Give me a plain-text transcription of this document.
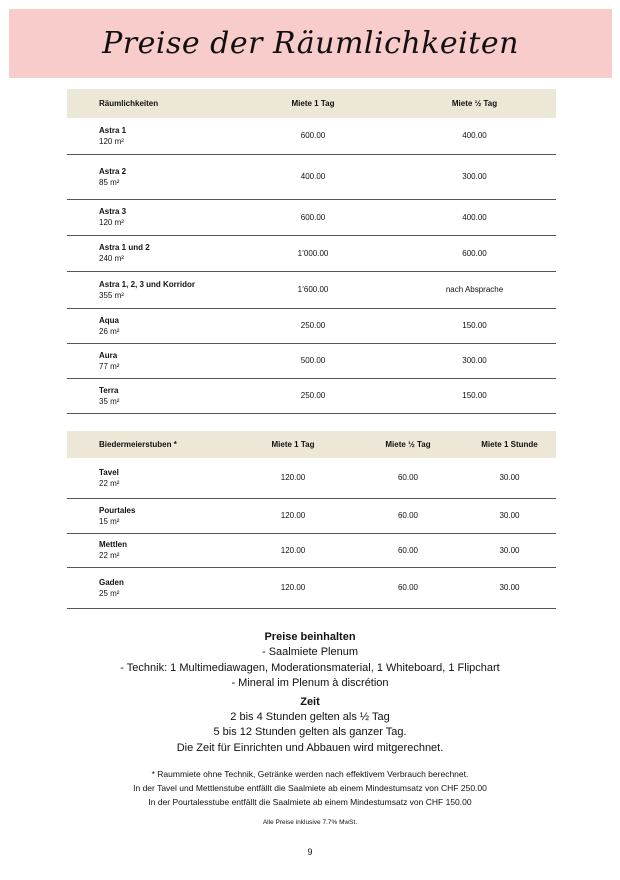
Preise der Räumlichkeiten
Räumlichkeiten	Miete 1 Tag	Miete ½ Tag

Astra 1
120 m²	600.00	400.00

Astra 2
85 m²	400.00	300.00

Astra 3
120 m²	600.00	400.00

Astra 1 und 2
240 m²	1’000.00	600.00

Astra 1, 2, 3 und Korridor
355 m²	1’600.00	nach Absprache

Aqua
26 m²	250.00	150.00

Aura
77 m²	500.00	300.00

Terra
35 m²	250.00	150.00
Biedermeierstuben *	Miete 1 Tag	Miete ½ Tag	Miete 1 Stunde

Tavel
22 m²	120.00	60.00	30.00

Pourtales
15 m²	120.00	60.00	30.00

Mettlen
22 m²	120.00	60.00	30.00

Gaden
25 m²	120.00	60.00	30.00

Preise beinhalten

- Saalmiete Plenum

- Technik: 1 Multimediawagen, Moderationsmaterial, 1 Whiteboard, 1 Flipchart

- Mineral im Plenum à discrétion

Zeit

2 bis 4 Stunden gelten als ½ Tag

5 bis 12 Stunden gelten als ganzer Tag.

Die Zeit für Einrichten und Abbauen wird mitgerechnet.

* Raummiete ohne Technik, Getränke werden nach effektivem Verbrauch berechnet.
In der Tavel und Mettlenstube entfällt die Saalmiete ab einem Mindestumsatz von CHF 250.00
In der Pourtalesstube entfällt die Saalmiete ab einem Mindestumsatz von CHF 150.00
Alle Preise inklusive 7.7% MwSt.
9
